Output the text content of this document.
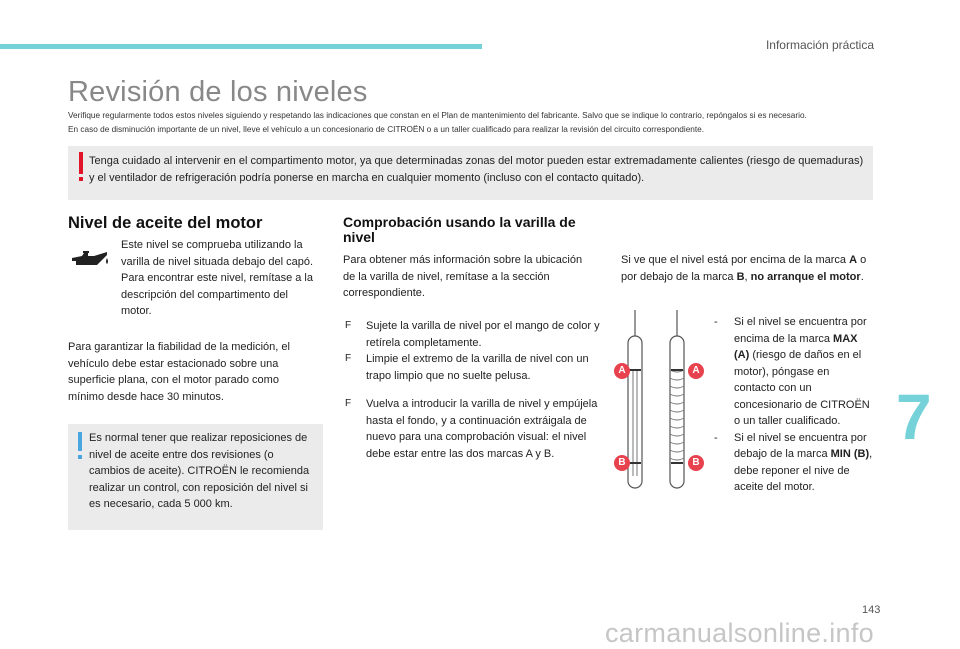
Información práctica
Revisión de los niveles
Verifique regularmente todos estos niveles siguiendo y respetando las indicaciones que constan en el Plan de mantenimiento del fabricante. Salvo que se indique lo contrario, repóngalos si es necesario.
En caso de disminución importante de un nivel, lleve el vehículo a un concesionario de CITROËN o a un taller cualificado para realizar la revisión del circuito correspondiente.
Tenga cuidado al intervenir en el compartimento motor, ya que determinadas zonas del motor pueden estar extremadamente calientes (riesgo de quemaduras) y el ventilador de refrigeración podría ponerse en marcha en cualquier momento (incluso con el contacto quitado).
Nivel de aceite del motor
Este nivel se comprueba utilizando la varilla de nivel situada debajo del capó. Para encontrar este nivel, remítase a la descripción del compartimento del motor.
Para garantizar la fiabilidad de la medición, el vehículo debe estar estacionado sobre una superficie plana, con el motor parado como mínimo desde hace 30 minutos.
Es normal tener que realizar reposiciones de nivel de aceite entre dos revisiones (o cambios de aceite). CITROËN le recomienda realizar un control, con reposición del nivel si es necesario, cada 5 000 km.
Comprobación usando la varilla de nivel
Para obtener más información sobre la ubicación de la varilla de nivel, remítase a la sección correspondiente.
F Sujete la varilla de nivel por el mango de color y retírela completamente.
F Limpie el extremo de la varilla de nivel con un trapo limpio que no suelte pelusa.
F Vuelva a introducir la varilla de nivel y empújela hasta el fondo, y a continuación extráigala de nuevo para una comprobación visual: el nivel debe estar entre las dos marcas A y B.
Si ve que el nivel está por encima de la marca A o por debajo de la marca B, no arranque el motor.
A	A
B	B
- Si el nivel se encuentra por encima de la marca MAX (A) (riesgo de daños en el motor), póngase en contacto con un concesionario de CITROËN o un taller cualificado.
- Si el nivel se encuentra por debajo de la marca MIN (B), debe reponer el nive de aceite del motor.
7
143
carmanualsonline.info
